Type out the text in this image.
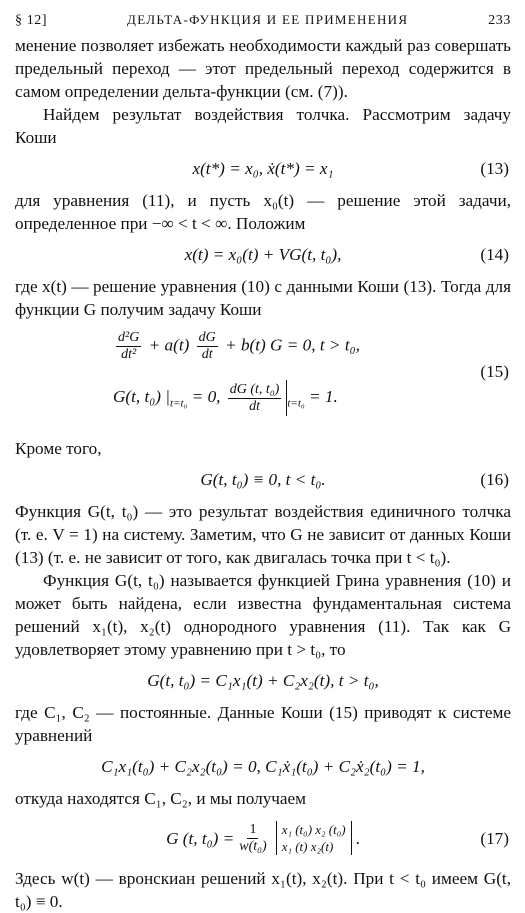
§ 12]	ДЕЛЬТА-ФУНКЦИЯ И ЕЕ ПРИМЕНЕНИЯ	233

менение позволяет избежать необходимости каждый раз совершать предельный переход — этот предельный переход содержится в самом определении дельта-функции (см. (7)).

Найдем результат воздействия толчка. Рассмотрим задачу Коши

x(t*) = x₀, ẋ(t*) = x₁	(13)

для уравнения (11), и пусть x₀(t) — решение этой задачи, определенное при −∞ < t < ∞. Положим

x(t) = x₀(t) + VG(t, t₀),	(14)

где x(t) — решение уравнения (10) с данными Коши (13). Тогда для функции G получим задачу Коши

$\frac{\text{d²G}}{\text{dt²}} + a(t) \frac{dG}{dt} + b(t) G = 0$, t > t₀,
G(t, t₀) $|_{t=t_0} = 0$, $\frac{\text{dG (t, t₀)}}{dt} _{t=t_0} = 1$.
(15)

Кроме того,

G(t, t₀) ≡ 0, t < t₀.	(16)

Функция G(t, t₀) — это результат воздействия единичного толчка (т. е. V = 1) на систему. Заметим, что G не зависит от данных Коши (13) (т. е. не зависит от того, как двигалась точка при t < t₀).

Функция G(t, t₀) называется функцией Грина уравнения (10) и может быть найдена, если известна фундаментальная система решений x₁(t), x₂(t) однородного уравнения (11). Так как G удовлетворяет этому уравнению при t > t₀, то

G(t, t₀) = C₁x₁(t) + C₂x₂(t), t > t₀,

где C₁, C₂ — постоянные. Данные Коши (15) приводят к системе уравнений

C₁x₁(t₀) + C₂x₂(t₀) = 0, C₁ẋ₁(t₀) + C₂ẋ₂(t₀) = 1,

откуда находятся C₁, C₂, и мы получаем

G (t, $t_0) = \frac{1}{\text{w(t₀)}} x_1$ (t₀) x₂ (t₀)
x₁ (t) x₂(t)	.	(17)

Здесь w(t) — вронскиан решений x₁(t), x₂(t). При t < t₀ имеем G(t, t₀) ≡ 0.
